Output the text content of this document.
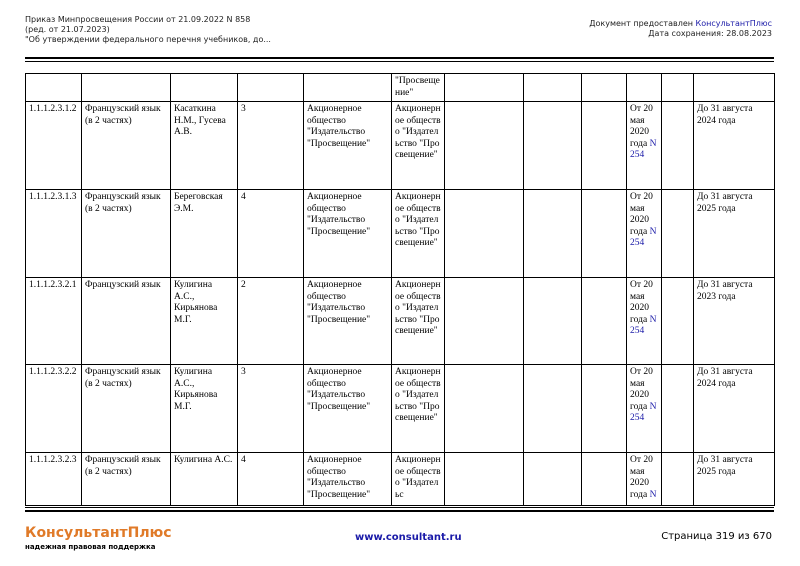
Приказ Минпросвещения России от 21.09.2022 N 858
(ред. от 21.07.2023)
"Об утверждении федерального перечня учебников, до...
Документ предоставлен КонсультантПлюс
Дата сохранения: 28.08.2023
					"Просвеще ние"						
1.1.1.2.3.1.2	Французский язык (в 2 частях)	Касаткина Н.М., Гусева А.В.	3	Акционерное общество "Издательство "Просвещение"	Акционерное общество "Издательство "Просвещение"				От 20 мая 2020 года N 254		До 31 августа 2024 года
1.1.1.2.3.1.3	Французский язык (в 2 частях)	Береговская Э.М.	4	Акционерное общество "Издательство "Просвещение"	Акционерное общество "Издательство "Просвещение"				От 20 мая 2020 года N 254		До 31 августа 2025 года
1.1.1.2.3.2.1	Французский язык	Кулигина А.С., Кирьянова М.Г.	2	Акционерное общество "Издательство "Просвещение"	Акционерное общество "Издательство "Просвещение"				От 20 мая 2020 года N 254		До 31 августа 2023 года
1.1.1.2.3.2.2	Французский язык (в 2 частях)	Кулигина А.С., Кирьянова М.Г.	3	Акционерное общество "Издательство "Просвещение"	Акционерное общество "Издательство "Просвещение"				От 20 мая 2020 года N 254		До 31 августа 2024 года
1.1.1.2.3.2.3	Французский язык (в 2 частях)	Кулигина А.С.	4	Акционерное общество "Издательство "Просвещение"	Акционерное общество "Издательс				От 20 мая 2020 года N		До 31 августа 2025 года
КонсультантПлюс
надежная правовая поддержка
www.consultant.ru	Страница 319 из 670
